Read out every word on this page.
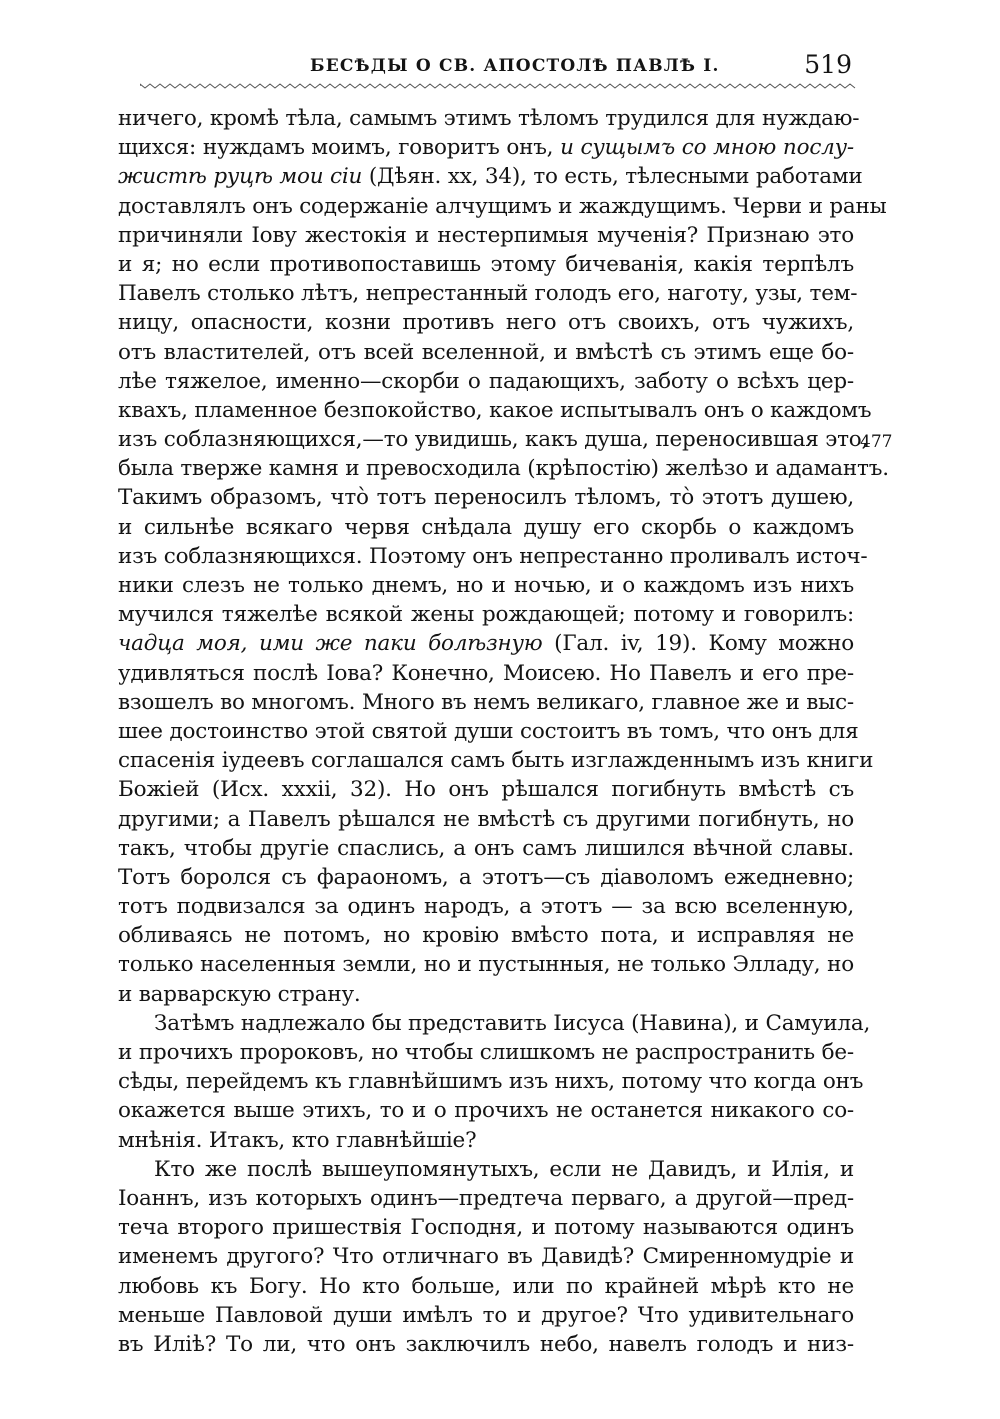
БЕСѢДЫ О СВ. АПОСТОЛѢ ПАВЛѢ I.	519
ничего, кромѣ тѣла, самымъ этимъ тѣломъ трудился для нуждаю-
щихся: нуждамъ моимъ, говоритъ онъ, и сущымъ со мною послу-
жистѣ руцѣ мои сіи (Дѣян. xx, 34), то есть, тѣлесными работами
доставлялъ онъ содержаніе алчущимъ и жаждущимъ. Черви и раны
причиняли Іову жестокія и нестерпимыя мученія? Признаю это
и я; но если противопоставишь этому бичеванія, какія терпѣлъ
Павелъ столько лѣтъ, непрестанный голодъ его, наготу, узы, тем-
ницу, опасности, козни противъ него отъ своихъ, отъ чужихъ,
отъ властителей, отъ всей вселенной, и вмѣстѣ съ этимъ еще бо-
лѣе тяжелое, именно—скорби о падающихъ, заботу о всѣхъ цер-
квахъ, пламенное безпокойство, какое испытывалъ онъ о каждомъ
изъ соблазняющихся,—то увидишь, какъ душа, переносившая это,
была тверже камня и превосходила (крѣпостію) желѣзо и адамантъ.
Такимъ образомъ, что̀ тотъ переносилъ тѣломъ, то̀ этотъ душею,
и сильнѣе всякаго червя снѣдала душу его скорбь о каждомъ
изъ соблазняющихся. Поэтому онъ непрестанно проливалъ источ-
ники слезъ не только днемъ, но и ночью, и о каждомъ изъ нихъ
мучился тяжелѣе всякой жены рождающей; потому и говорилъ:
чадца моя, ими же паки болѣзную (Гал. iv, 19). Кому можно
удивляться послѣ Іова? Конечно, Моисею. Но Павелъ и его пре-
взошелъ во многомъ. Много въ немъ великаго, главное же и выс-
шее достоинство этой святой души состоитъ въ томъ, что онъ для
спасенія іудеевъ соглашался самъ быть изглажденнымъ изъ книги
Божіей (Исх. xxxii, 32). Но онъ рѣшался погибнуть вмѣстѣ съ
другими; а Павелъ рѣшался не вмѣстѣ съ другими погибнуть, но
такъ, чтобы другіе спаслись, а онъ самъ лишился вѣчной славы.
Тотъ боролся съ фараономъ, а этотъ—съ діаволомъ ежедневно;
тотъ подвизался за одинъ народъ, а этотъ — за всю вселенную,
обливаясь не потомъ, но кровію вмѣсто пота, и исправляя не
только населенныя земли, но и пустынныя, не только Элладу, но
и варварскую страну.
Затѣмъ надлежало бы представить Іисуса (Навина), и Самуила,
и прочихъ пророковъ, но чтобы слишкомъ не распространить бе-
сѣды, перейдемъ къ главнѣйшимъ изъ нихъ, потому что когда онъ
окажется выше этихъ, то и о прочихъ не останется никакого со-
мнѣнія. Итакъ, кто главнѣйшіе?
Кто же послѣ вышеупомянутыхъ, если не Давидъ, и Илія, и
Іоаннъ, изъ которыхъ одинъ—предтеча перваго, а другой—пред-
теча второго пришествія Господня, и потому называются одинъ
именемъ другого? Что отличнаго въ Давидѣ? Смиренномудріе и
любовь къ Богу. Но кто больше, или по крайней мѣрѣ кто не
меньше Павловой души имѣлъ то и другое? Что удивительнаго
въ Иліѣ? То ли, что онъ заключилъ небо, навелъ голодъ и низ-
477
